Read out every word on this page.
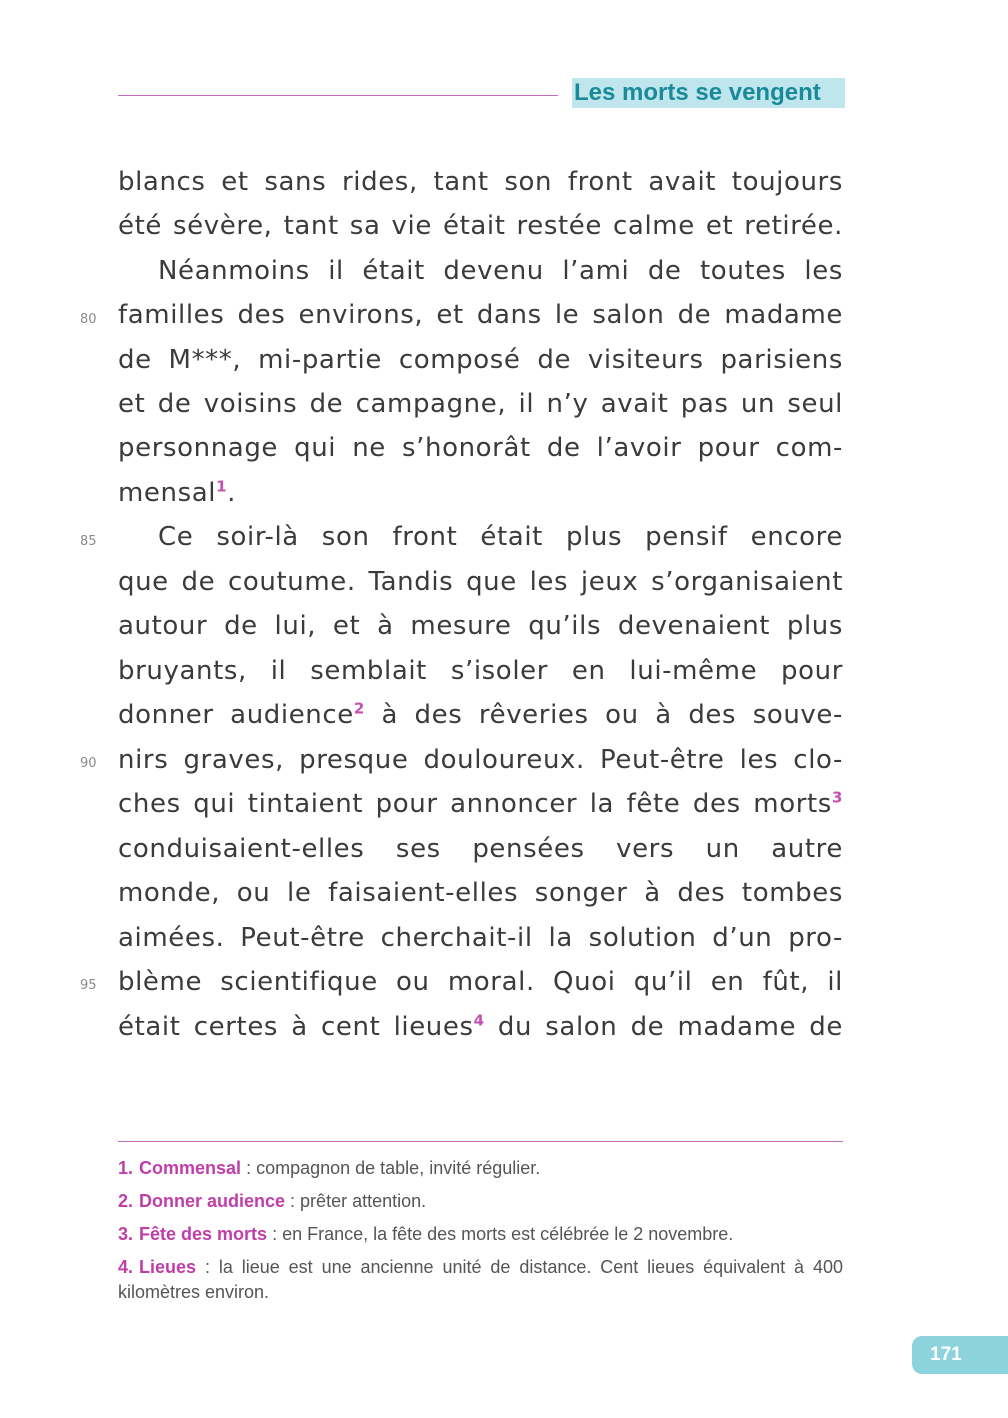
Les morts se vengent
80
85
90
95
blancs et sans rides, tant son front avait toujours
été sévère, tant sa vie était restée calme et retirée.
Néanmoins il était devenu l’ami de toutes les
familles des environs, et dans le salon de madame
de M***, mi-partie composé de visiteurs parisiens
et de voisins de campagne, il n’y avait pas un seul
personnage qui ne s’honorât de l’avoir pour com-
mensal$^1$.
Ce soir-là son front était plus pensif encore
que de coutume. Tandis que les jeux s’organisaient
autour de lui, et à mesure qu’ils devenaient plus
bruyants, il semblait s’isoler en lui-même pour
donner audience$^2$ à des rêveries ou à des souve-
nirs graves, presque douloureux. Peut-être les clo-
ches qui tintaient pour annoncer la fête des morts$^3$
conduisaient-elles ses pensées vers un autre
monde, ou le faisaient-elles songer à des tombes
aimées. Peut-être cherchait-il la solution d’un pro-
blème scientifique ou moral. Quoi qu’il en fût, il
était certes à cent lieues$^4$ du salon de madame de
1. Commensal : compagnon de table, invité régulier.
2. Donner audience : prêter attention.
3. Fête des morts : en France, la fête des morts est célébrée le 2 novembre.
4. Lieues : la lieue est une ancienne unité de distance. Cent lieues équivalent à 400 kilomètres environ.
171
